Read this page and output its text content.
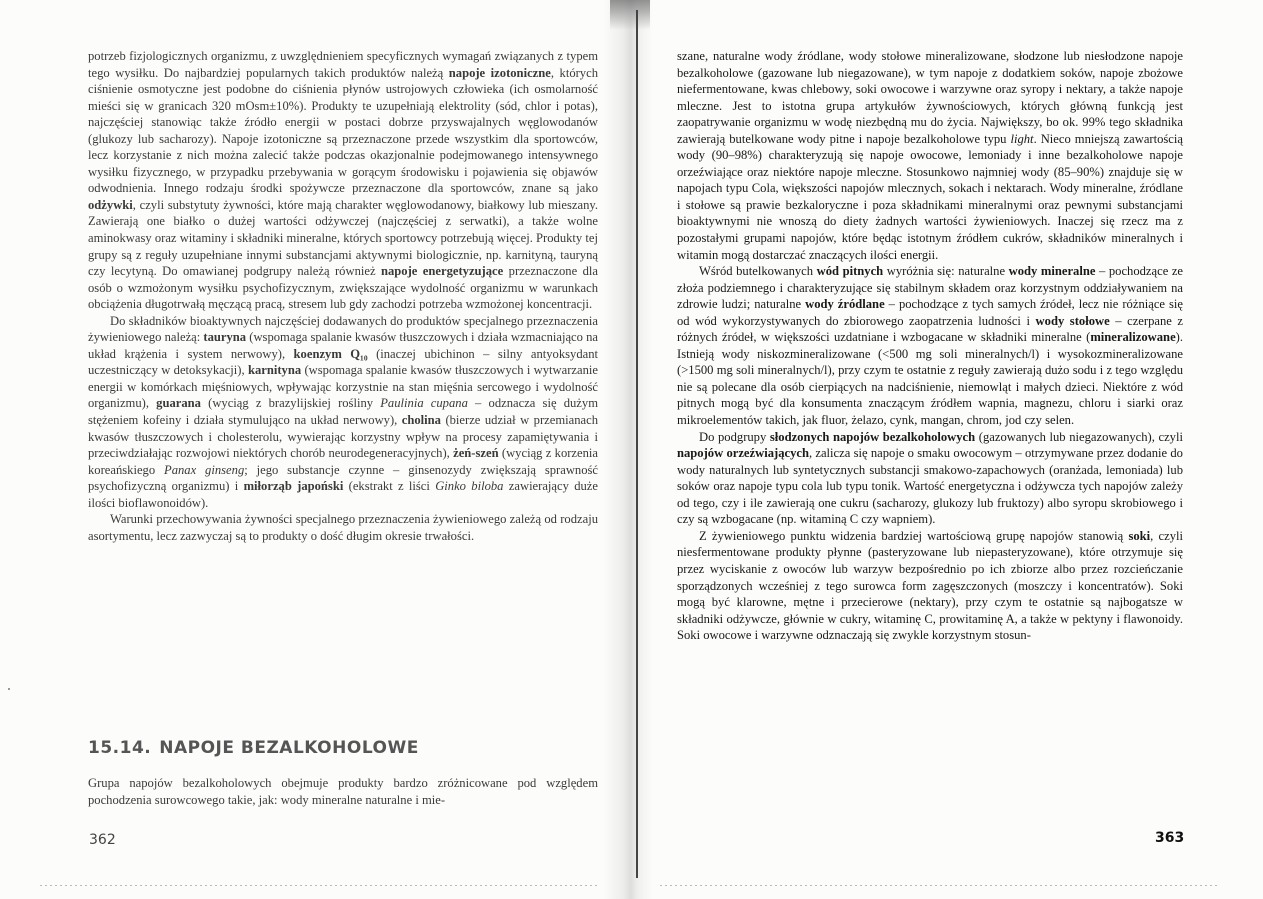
potrzeb fizjologicznych organizmu, z uwzględnieniem specyficznych wymagań związanych z typem tego wysiłku. Do najbardziej popularnych takich produktów należą napoje izotoniczne, których ciśnienie osmotyczne jest podobne do ciśnienia płynów ustrojowych człowieka (ich osmolarność mieści się w granicach 320 mOsm±10%). Produkty te uzupełniają elektrolity (sód, chlor i potas), najczęściej stanowiąc także źródło energii w postaci dobrze przyswajalnych węglowodanów (glukozy lub sacharozy). Napoje izotoniczne są przeznaczone przede wszystkim dla sportowców, lecz korzystanie z nich można zalecić także podczas okazjonalnie podejmowanego intensywnego wysiłku fizycznego, w przypadku przebywania w gorącym środowisku i pojawienia się objawów odwodnienia. Innego rodzaju środki spożywcze przeznaczone dla sportowców, znane są jako odżywki, czyli substytuty żywności, które mają charakter węglowodanowy, białkowy lub mieszany. Zawierają one białko o dużej wartości odżywczej (najczęściej z serwatki), a także wolne aminokwasy oraz witaminy i składniki mineralne, których sportowcy potrzebują więcej. Produkty tej grupy są z reguły uzupełniane innymi substancjami aktywnymi biologicznie, np. karnityną, tauryną czy lecytyną. Do omawianej podgrupy należą również napoje energetyzujące przeznaczone dla osób o wzmożonym wysiłku psychofizycznym, zwiększające wydolność organizmu w warunkach obciążenia długotrwałą męczącą pracą, stresem lub gdy zachodzi potrzeba wzmożonej koncentracji.

Do składników bioaktywnych najczęściej dodawanych do produktów specjalnego przeznaczenia żywieniowego należą: tauryna (wspomaga spalanie kwasów tłuszczowych i działa wzmacniająco na układ krążenia i system nerwowy), koenzym Q₁₀ (inaczej ubichinon – silny antyoksydant uczestniczący w detoksykacji), karnityna (wspomaga spalanie kwasów tłuszczowych i wytwarzanie energii w komórkach mięśniowych, wpływając korzystnie na stan mięśnia sercowego i wydolność organizmu), guarana (wyciąg z brazylijskiej rośliny Paulinia cupana – odznacza się dużym stężeniem kofeiny i działa stymulująco na układ nerwowy), cholina (bierze udział w przemianach kwasów tłuszczowych i cholesterolu, wywierając korzystny wpływ na procesy zapamiętywania i przeciwdziałając rozwojowi niektórych chorób neurodegeneracyjnych), żeń-szeń (wyciąg z korzenia koreańskiego Panax ginseng; jego substancje czynne – ginsenozydy zwiększają sprawność psychofizyczną organizmu) i miłorząb japoński (ekstrakt z liści Ginko biloba zawierający duże ilości bioflawonoidów).

Warunki przechowywania żywności specjalnego przeznaczenia żywieniowego zależą od rodzaju asortymentu, lecz zazwyczaj są to produkty o dość długim okresie trwałości.

15.14. NAPOJE BEZALKOHOLOWE
Grupa napojów bezalkoholowych obejmuje produkty bardzo zróżnicowane pod względem pochodzenia surowcowego takie, jak: wody mineralne naturalne i mie-
362

szane, naturalne wody źródlane, wody stołowe mineralizowane, słodzone lub niesłodzone napoje bezalkoholowe (gazowane lub niegazowane), w tym napoje z dodatkiem soków, napoje zbożowe niefermentowane, kwas chlebowy, soki owocowe i warzywne oraz syropy i nektary, a także napoje mleczne. Jest to istotna grupa artykułów żywnościowych, których główną funkcją jest zaopatrywanie organizmu w wodę niezbędną mu do życia. Największy, bo ok. 99% tego składnika zawierają butelkowane wody pitne i napoje bezalkoholowe typu light. Nieco mniejszą zawartością wody (90–98%) charakteryzują się napoje owocowe, lemoniady i inne bezalkoholowe napoje orzeźwiające oraz niektóre napoje mleczne. Stosunkowo najmniej wody (85–90%) znajduje się w napojach typu Cola, większości napojów mlecznych, sokach i nektarach. Wody mineralne, źródlane i stołowe są prawie bezkaloryczne i poza składnikami mineralnymi oraz pewnymi substancjami bioaktywnymi nie wnoszą do diety żadnych wartości żywieniowych. Inaczej się rzecz ma z pozostałymi grupami napojów, które będąc istotnym źródłem cukrów, składników mineralnych i witamin mogą dostarczać znaczących ilości energii.

Wśród butelkowanych wód pitnych wyróżnia się: naturalne wody mineralne – pochodzące ze złoża podziemnego i charakteryzujące się stabilnym składem oraz korzystnym oddziaływaniem na zdrowie ludzi; naturalne wody źródlane – pochodzące z tych samych źródeł, lecz nie różniące się od wód wykorzystywanych do zbiorowego zaopatrzenia ludności i wody stołowe – czerpane z różnych źródeł, w większości uzdatniane i wzbogacane w składniki mineralne (mineralizowane). Istnieją wody niskozmineralizowane (<500 mg soli mineralnych/l) i wysokozmineralizowane (>1500 mg soli mineralnych/l), przy czym te ostatnie z reguły zawierają dużo sodu i z tego względu nie są polecane dla osób cierpiących na nadciśnienie, niemowląt i małych dzieci. Niektóre z wód pitnych mogą być dla konsumenta znaczącym źródłem wapnia, magnezu, chloru i siarki oraz mikroelementów takich, jak fluor, żelazo, cynk, mangan, chrom, jod czy selen.

Do podgrupy słodzonych napojów bezalkoholowych (gazowanych lub niegazowanych), czyli napojów orzeźwiających, zalicza się napoje o smaku owocowym – otrzymywane przez dodanie do wody naturalnych lub syntetycznych substancji smakowo-zapachowych (oranżada, lemoniada) lub soków oraz napoje typu cola lub typu tonik. Wartość energetyczna i odżywcza tych napojów zależy od tego, czy i ile zawierają one cukru (sacharozy, glukozy lub fruktozy) albo syropu skrobiowego i czy są wzbogacane (np. witaminą C czy wapniem).

Z żywieniowego punktu widzenia bardziej wartościową grupę napojów stanowią soki, czyli niesfermentowane produkty płynne (pasteryzowane lub niepasteryzowane), które otrzymuje się przez wyciskanie z owoców lub warzyw bezpośrednio po ich zbiorze albo przez rozcieńczanie sporządzonych wcześniej z tego surowca form zagęszczonych (moszczy i koncentratów). Soki mogą być klarowne, mętne i przecierowe (nektary), przy czym te ostatnie są najbogatsze w składniki odżywcze, głównie w cukry, witaminę C, prowitaminę A, a także w pektyny i flawonoidy. Soki owocowe i warzywne odznaczają się zwykle korzystnym stosun-

363
